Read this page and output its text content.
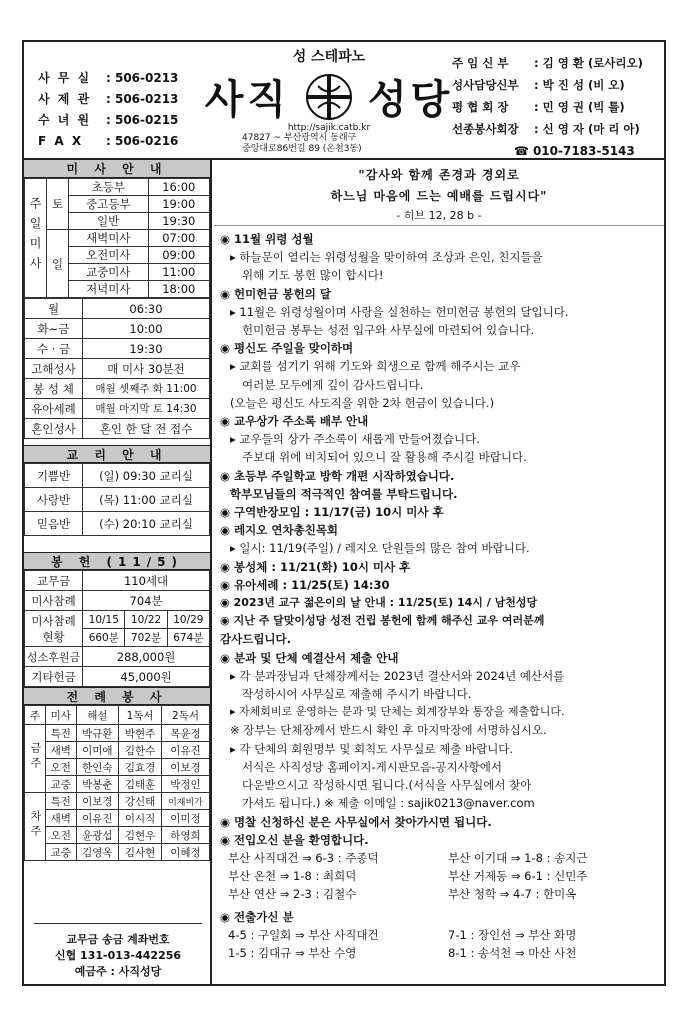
사 무 실	: 506-0213
사 제 관	: 506-0213
수 녀 원	: 506-0215
F A X	: 506-0216
성 스테파노
사직 성당
http://sajik.catb.kr
47827 ~ 부산광역시 동래구
중앙대로86번길 89 (온천3동)
주 임 신 부	: 김 영 환 (로사리오)
성사담당신부	: 박 진 성 (비 오)
평 협 회 장	: 민 영 권 (빅 틀)
선종봉사회장	: 신 영 자 (마 리 아)
☎ 010-7183-5143
미 사 안 내
주일미사	토	초등부	16:00
		중고등부	19:00
		일반	19:30
	일	새벽미사	07:00
		오전미사	09:00
		교중미사	11:00
		저녁미사	18:00
월	06:30
화~금	10:00
수 · 금	19:30
고해성사	매 미사 30분전
봉 성 체	매월 셋째주 화 11:00
유아세례	매월 마지막 토 14:30
혼인성사	혼인 한 달 전 접수
교 리 안 내
기쁨반	(일) 09:30 교리실
사랑반	(목) 11:00 교리실
믿음반	(수) 20:10 교리실
봉 헌 (11/5)
교무금	110세대		
미사참례	704분		

미사참례
현황	10/15	10/22	10/29
	660분	702분	674분
성소후원금	288,000원		
기타헌금	45,000원		
전 례 봉 사
주	미사	해설	1독서	2독서
금주	특전	박규환	박현주	목윤정
	새벽	이미애	김한수	이유진
	오전	한인숙	김효경	이보경
	교중	박봉춘	김태훈	박정인
차주	특전	이보경	강신태	이재비가
	새벽	이유진	이시직	이미정
	오전	윤광섭	김현우	하영희
	교중	김영옥	김사현	이혜정
교무금 송금 계좌번호
신협 131-013-442256
예금주 : 사직성당
"감사와 함께 존경과 경외로
하느님 마음에 드는 예배를 드립시다"
- 히브 12, 28 b -
◉ 11월 위령 성월
▸ 하늘문이 열리는 위령성월을 맞이하여 조상과 은인, 친지들을
위해 기도 봉헌 많이 합시다!
◉ 헌미헌금 봉헌의 달
▸ 11월은 위령성월이며 사랑을 실천하는 헌미헌금 봉헌의 달입니다.
헌미헌금 봉투는 성전 입구와 사무실에 마련되어 있습니다.
◉ 평신도 주일을 맞이하며
▸ 교회를 섬기기 위해 기도와 희생으로 함께 해주시는 교우
여러분 모두에게 깊이 감사드립니다.
(오늘은 평신도 사도직을 위한 2차 헌금이 있습니다.)
◉ 교우상가 주소록 배부 안내
▸ 교우들의 상가 주소록이 새롭게 만들어졌습니다.
주보대 위에 비치되어 있으니 잘 활용해 주시길 바랍니다.
◉ 초등부 주일학교 방학 개편 시작하였습니다.
학부모님들의 적극적인 참여를 부탁드립니다.
◉ 구역반장모임 : 11/17(금) 10시 미사 후
◉ 레지오 연차총친목회
▸ 일시: 11/19(주일) / 레지오 단원들의 많은 참여 바랍니다.
◉ 봉성체 : 11/21(화) 10시 미사 후
◉ 유아세례 : 11/25(토) 14:30
◉ 2023년 교구 젊은이의 날 안내 : 11/25(토) 14시 / 남천성당
◉ 지난 주 달맞이성당 성전 건립 봉헌에 함께 해주신 교우 여러분께
감사드립니다.
◉ 분과 및 단체 예결산서 제출 안내
▸ 각 분과장님과 단체장께서는 2023년 결산서와 2024년 예산서를
작성하시어 사무실로 제출해 주시기 바랍니다.
▸ 자체회비로 운영하는 분과 및 단체는 회계장부와 통장을 제출합니다.
※ 장부는 단체장께서 반드시 확인 후 마지막장에 서명하십시오.
▸ 각 단체의 회원명부 및 회칙도 사무실로 제출 바랍니다.
서식은 사직성당 홈페이지-게시판모음-공지사항에서
다운받으시고 작성하시면 됩니다.(서식을 사무실에서 찾아
가셔도 됩니다.) ※ 제출 이메일 : sajik0213@naver.com
◉ 명찰 신청하신 분은 사무실에서 찾아가시면 됩니다.
◉ 전입오신 분을 환영합니다.
부산 사직대건 ⇒ 6-3 : 주종덕	부산 이기대 ⇒ 1-8 : 송지근
부산 온천 ⇒ 1-8 : 최희덕	부산 거제동 ⇒ 6-1 : 신민주
부산 연산 ⇒ 2-3 : 김철수	부산 청학 ⇒ 4-7 : 한미옥
◉ 전출가신 분
4-5 : 구일회 ⇒ 부산 사직대건	7-1 : 장인선 ⇒ 부산 화명
1-5 : 김대규 ⇒ 부산 수영	8-1 : 송석천 ⇒ 마산 사천
